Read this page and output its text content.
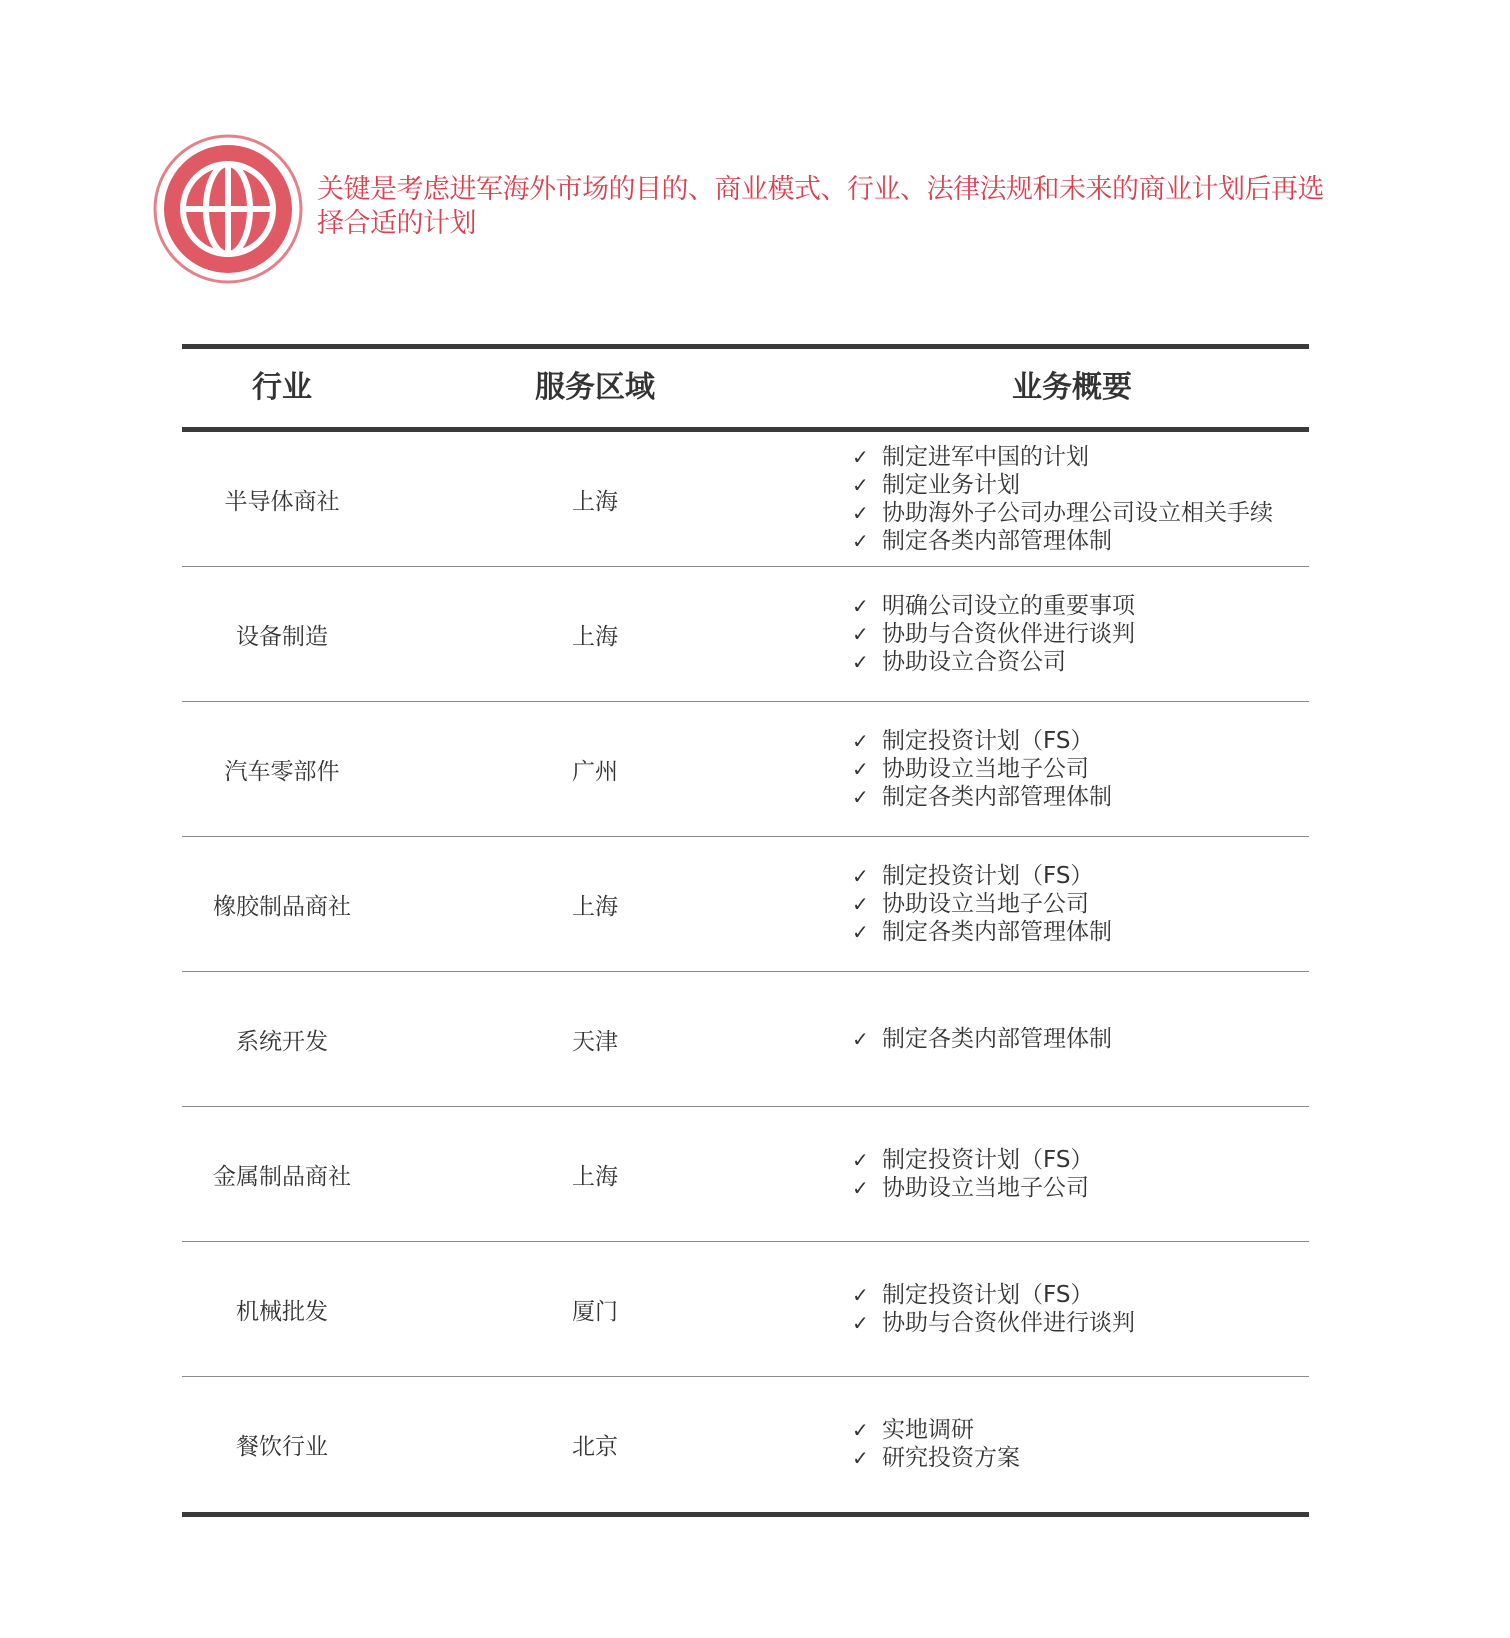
关键是考虑进军海外市场的目的、商业模式、行业、法律法规和未来的商业计划后再选择合适的计划
行业	服务区域	业务概要
半导体商社	上海
✓ 制定进军中国的计划
✓ 制定业务计划
✓ 协助海外子公司办理公司设立相关手续
✓ 制定各类内部管理体制
设备制造	上海
✓ 明确公司设立的重要事项
✓ 协助与合资伙伴进行谈判
✓ 协助设立合资公司
汽车零部件	广州
✓ 制定投资计划（FS）
✓ 协助设立当地子公司
✓ 制定各类内部管理体制
橡胶制品商社	上海
✓ 制定投资计划（FS）
✓ 协助设立当地子公司
✓ 制定各类内部管理体制
系统开发	天津	✓ 制定各类内部管理体制
金属制品商社	上海
✓ 制定投资计划（FS）
✓ 协助设立当地子公司
机械批发	厦门
✓ 制定投资计划（FS）
✓ 协助与合资伙伴进行谈判
餐饮行业	北京
✓ 实地调研
✓ 研究投资方案
